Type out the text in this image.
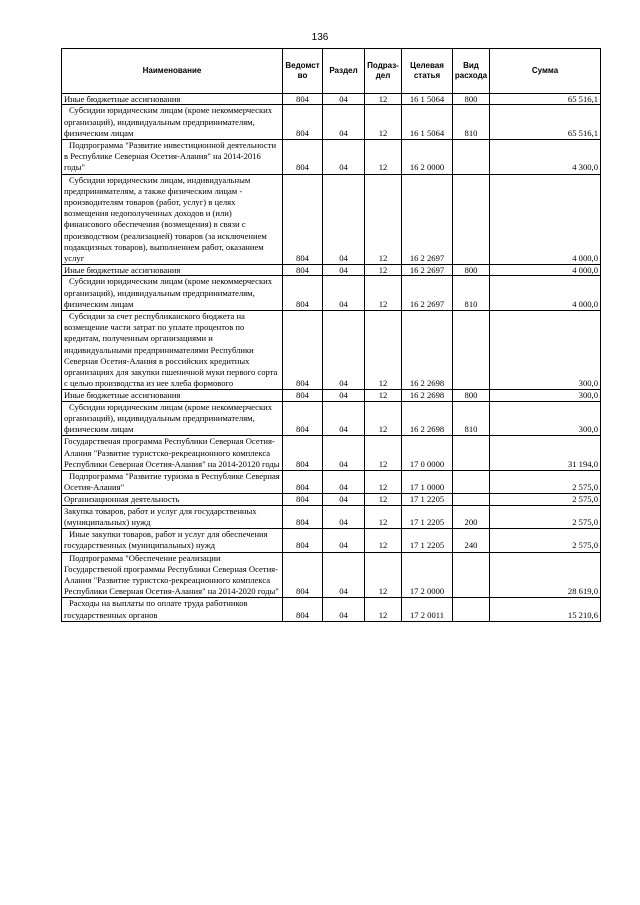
136
Наименование	Ведомст во	Раздел	Подраз- дел	Целевая статья	Вид расхода	Сумма

Иные бюджетные ассигнования	804	04	12	16 1 5064	800	65 516,1

Субсидии юридическим лицам (кроме некоммерческих организаций), индивидуальным предпринимателям, физическим лицам	804	04	12	16 1 5064	810	65 516,1

Подпрограмма "Развитие инвестиционной деятельности в Республике Северная Осетия-Алания" на 2014-2016 годы"	804	04	12	16 2 0000		4 300,0

Субсидии юридическим лицам, индивидуальным предпринимателям, а также физическим лицам - производителям товаров (работ, услуг) в целях возмещения недополученных доходов и (или) финансового обеспечения (возмещения) в связи с производством (реализацией) товаров (за исключением подакцизных товаров), выполнением работ, оказанием услуг	804	04	12	16 2 2697		4 000,0

Иные бюджетные ассигнования	804	04	12	16 2 2697	800	4 000,0

Субсидии юридическим лицам (кроме некоммерческих организаций), индивидуальным предпринимателям, физическим лицам	804	04	12	16 2 2697	810	4 000,0

Субсидии за счет республиканского бюджета на возмещение части затрат по уплате процентов по кредитам, полученным организациями и индивидуальными предпринимателями Республики Северная Осетия-Алания в российских кредитных организациях для закупки пшеничной муки первого сорта с целью производства из нее хлеба формового	804	04	12	16 2 2698		300,0

Иные бюджетные ассигнования	804	04	12	16 2 2698	800	300,0

Субсидии юридическим лицам (кроме некоммерческих организаций), индивидуальным предпринимателям, физическим лицам	804	04	12	16 2 2698	810	300,0

Государственая программа Республики Северная Осетия-Алания "Развитие туристско-рекреационного комплекса Республики Северная Осетия-Алания" на 2014-20120 годы	804	04	12	17 0 0000		31 194,0

Подпрограмма "Развитие туризма в Республике Северная Осетия-Алания"	804	04	12	17 1 0000		2 575,0

Организационная деятельность	804	04	12	17 1 2205		2 575,0

Закупка товаров, работ и услуг для государственных (муниципальных) нужд	804	04	12	17 1 2205	200	2 575,0

Иные закупки товаров, работ и услуг для обеспечения государственных (муниципальных) нужд	804	04	12	17 1 2205	240	2 575,0

Подпрограмма "Обеспечение реализации Государственой программы Республики Северная Осетия-Алания "Развитие туристско-рекреационного комплекса Республики Северная Осетия-Алания" на 2014-2020 годы"	804	04	12	17 2 0000		28 619,0

Расходы на выплаты по оплате труда работников государственных органов	804	04	12	17 2 0011		15 210,6
